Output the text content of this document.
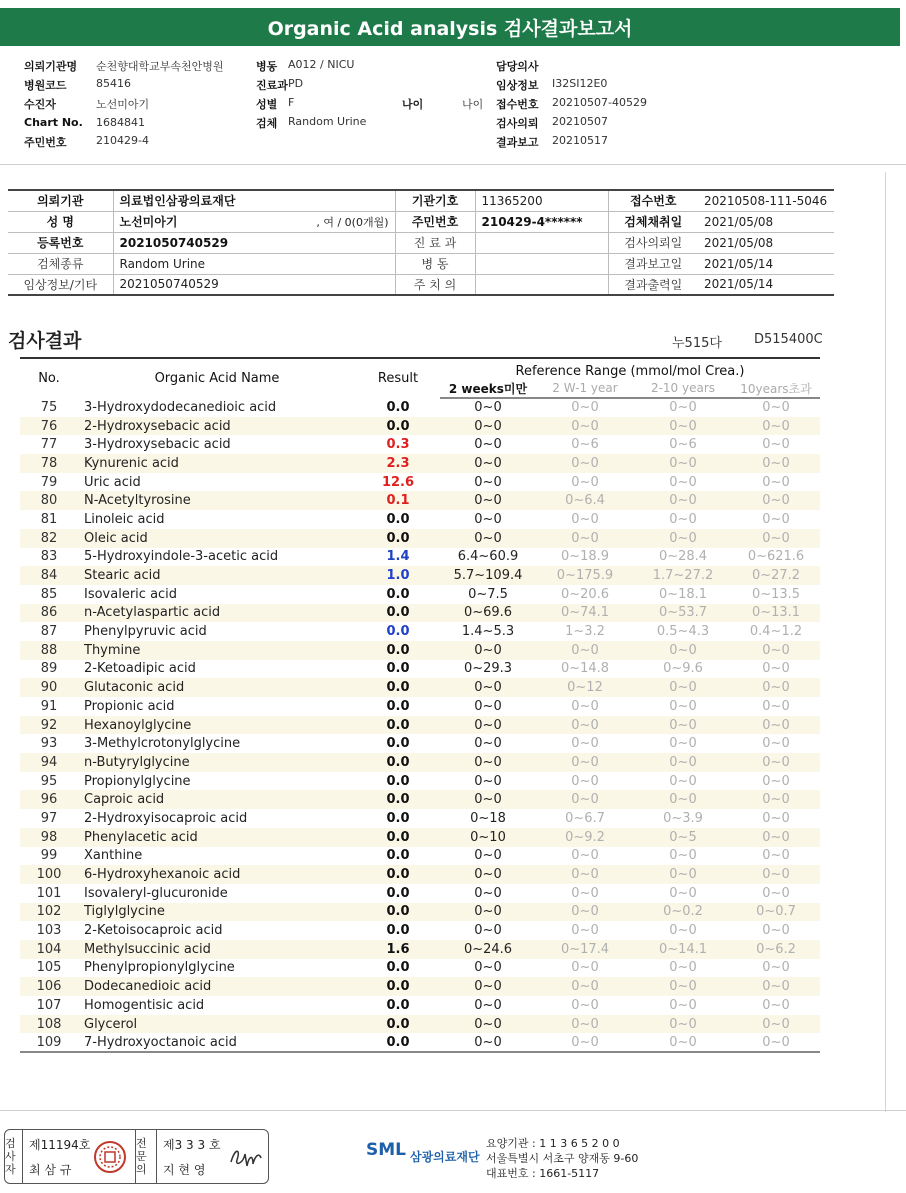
Organic Acid analysis 검사결과보고서
의뢰기관명	순천향대학교부속천안병원	병동 A012 / NICU	담당의사
병원코드	85416	진료과 PD	임상정보	I32SI12E0
수진자	노선미아기	성별 F	나이	나이 접수번호	20210507-40529
Chart No.	1684841	검체 Random Urine	검사의뢰	20210507
주민번호	210429-4	결과보고	20210517
의뢰기관	의료법인삼광의료재단		기관기호	11365200	접수번호	20210508-111-5046
성 명	노선미아기	, 여 / 0(0개월)	주민번호	210429-4******	검체채취일	2021/05/08
등록번호	2021050740529		진 료 과		검사의뢰일	2021/05/08
검체종류	Random Urine		병 동		결과보고일	2021/05/14
임상정보/기타	2021050740529		주 치 의		결과출력일	2021/05/14
검사결과	누515다 D515400C
No.	Organic Acid Name	Result	Reference Range (mmol/mol Crea.)			
			2 weeks미만	2 W-1 year	2-10 years	10years초과
75	3-Hydroxydodecanedioic acid	0.0	0~0	0~0	0~0	0~0
76	2-Hydroxysebacic acid	0.0	0~0	0~0	0~0	0~0
77	3-Hydroxysebacic acid	0.3	0~0	0~6	0~6	0~0
78	Kynurenic acid	2.3	0~0	0~0	0~0	0~0
79	Uric acid	12.6	0~0	0~0	0~0	0~0
80	N-Acetyltyrosine	0.1	0~0	0~6.4	0~0	0~0
81	Linoleic acid	0.0	0~0	0~0	0~0	0~0
82	Oleic acid	0.0	0~0	0~0	0~0	0~0
83	5-Hydroxyindole-3-acetic acid	1.4	6.4~60.9	0~18.9	0~28.4	0~621.6
84	Stearic acid	1.0	5.7~109.4	0~175.9	1.7~27.2	0~27.2
85	Isovaleric acid	0.0	0~7.5	0~20.6	0~18.1	0~13.5
86	n-Acetylaspartic acid	0.0	0~69.6	0~74.1	0~53.7	0~13.1
87	Phenylpyruvic acid	0.0	1.4~5.3	1~3.2	0.5~4.3	0.4~1.2
88	Thymine	0.0	0~0	0~0	0~0	0~0
89	2-Ketoadipic acid	0.0	0~29.3	0~14.8	0~9.6	0~0
90	Glutaconic acid	0.0	0~0	0~12	0~0	0~0
91	Propionic acid	0.0	0~0	0~0	0~0	0~0
92	Hexanoylglycine	0.0	0~0	0~0	0~0	0~0
93	3-Methylcrotonylglycine	0.0	0~0	0~0	0~0	0~0
94	n-Butyrylglycine	0.0	0~0	0~0	0~0	0~0
95	Propionylglycine	0.0	0~0	0~0	0~0	0~0
96	Caproic acid	0.0	0~0	0~0	0~0	0~0
97	2-Hydroxyisocaproic acid	0.0	0~18	0~6.7	0~3.9	0~0
98	Phenylacetic acid	0.0	0~10	0~9.2	0~5	0~0
99	Xanthine	0.0	0~0	0~0	0~0	0~0
100	6-Hydroxyhexanoic acid	0.0	0~0	0~0	0~0	0~0
101	Isovaleryl-glucuronide	0.0	0~0	0~0	0~0	0~0
102	Tiglylglycine	0.0	0~0	0~0	0~0.2	0~0.7
103	2-Ketoisocaproic acid	0.0	0~0	0~0	0~0	0~0
104	Methylsuccinic acid	1.6	0~24.6	0~17.4	0~14.1	0~6.2
105	Phenylpropionylglycine	0.0	0~0	0~0	0~0	0~0
106	Dodecanedioic acid	0.0	0~0	0~0	0~0	0~0
107	Homogentisic acid	0.0	0~0	0~0	0~0	0~0
108	Glycerol	0.0	0~0	0~0	0~0	0~0
109	7-Hydroxyoctanoic acid	0.0	0~0	0~0	0~0	0~0
검사자
제11194호
최 삼 규
전문의
제3 3 3 호
지 현 영
SML 삼광의료재단
요양기관 : 1 1 3 6 5 2 0 0
서울특별시 서초구 양재동 9-60
대표번호 : 1661-5117
